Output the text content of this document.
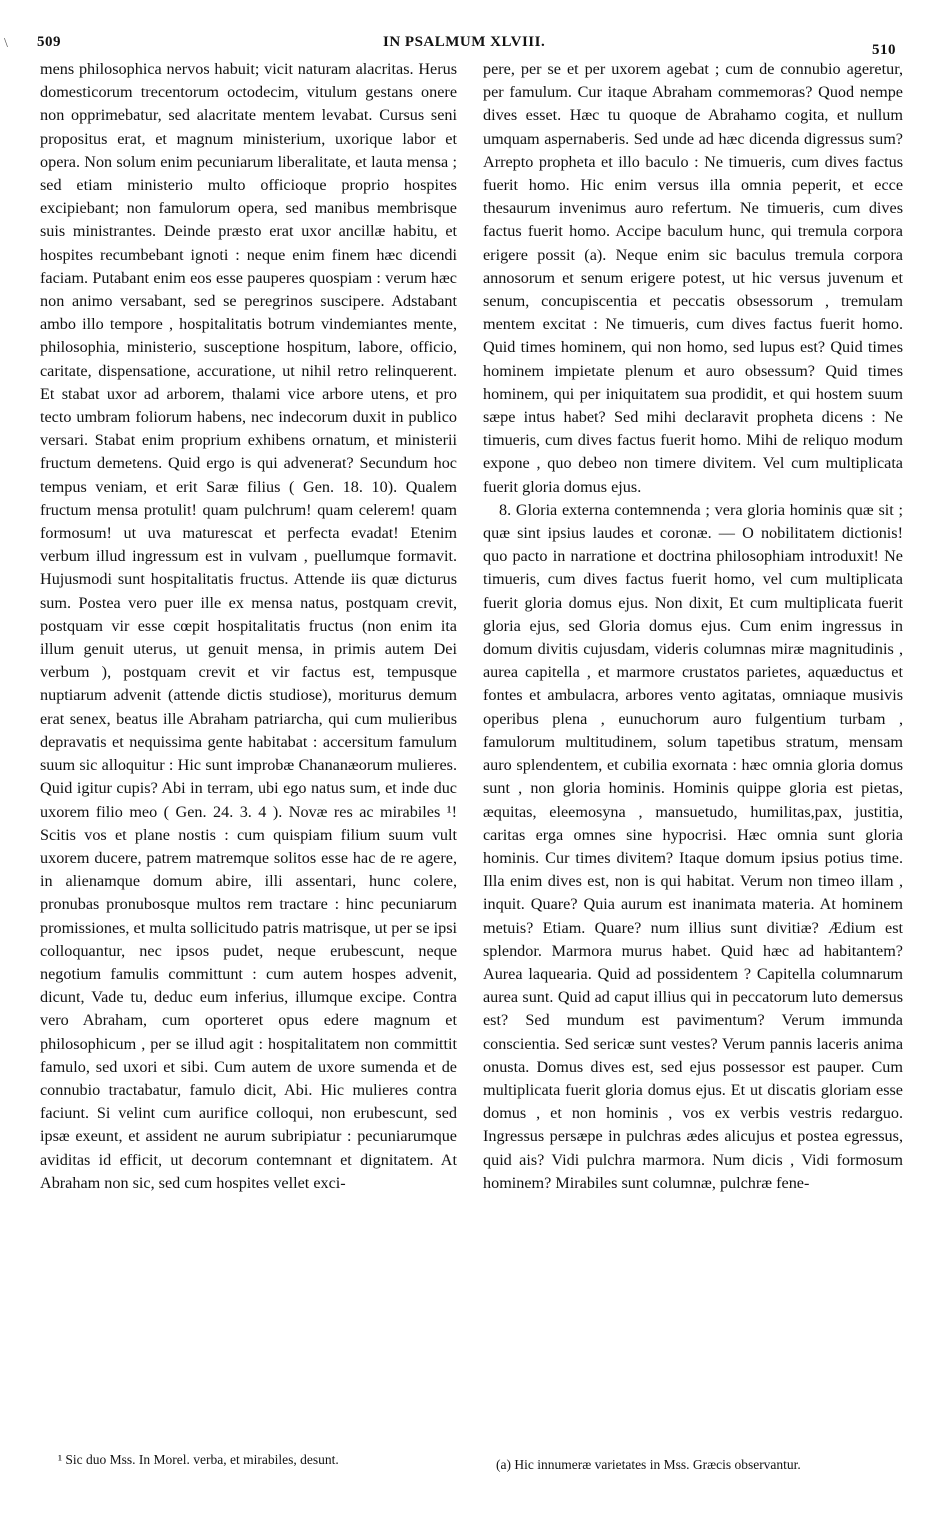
\ 509	IN PSALMUM XLVIII.	510

mens philosophica nervos habuit; vicit naturam alacritas. Herus domesticorum trecentorum octodecim, vitulum gestans onere non opprimebatur, sed alacritate mentem levabat. Cursus seni propositus erat, et magnum ministerium, uxorique labor et opera. Non solum enim pecuniarum liberalitate, et lauta mensa ; sed etiam ministerio multo officioque proprio hospites excipiebant; non famulorum opera, sed manibus membrisque suis ministrantes. Deinde præsto erat uxor ancillæ habitu, et hospites recumbebant ignoti : neque enim finem hæc dicendi faciam. Putabant enim eos esse pauperes quospiam : verum hæc non animo versabant, sed se peregrinos suscipere. Adstabant ambo illo tempore , hospitalitatis botrum vindemiantes mente, philosophia, ministerio, susceptione hospitum, labore, officio, caritate, dispensatione, accuratione, ut nihil retro relinquerent. Et stabat uxor ad arborem, thalami vice arbore utens, et pro tecto umbram foliorum habens, nec indecorum duxit in publico versari. Stabat enim proprium exhibens ornatum, et ministerii fructum demetens. Quid ergo is qui advenerat? Secundum hoc tempus veniam, et erit Saræ filius ( Gen. 18. 10). Qualem fructum mensa protulit! quam pulchrum! quam celerem! quam formosum! ut uva maturescat et perfecta evadat! Etenim verbum illud ingressum est in vulvam , puellumque formavit. Hujusmodi sunt hospitalitatis fructus. Attende iis quæ dicturus sum. Postea vero puer ille ex mensa natus, postquam crevit, postquam vir esse cœpit hospitalitatis fructus (non enim ita illum genuit uterus, ut genuit mensa, in primis autem Dei verbum ), postquam crevit et vir factus est, tempusque nuptiarum advenit (attende dictis studiose), moriturus demum erat senex, beatus ille Abraham patriarcha, qui cum mulieribus depravatis et nequissima gente habitabat : accersitum famulum suum sic alloquitur : Hic sunt improbæ Chananæorum mulieres. Quid igitur cupis? Abi in terram, ubi ego natus sum, et inde duc uxorem filio meo ( Gen. 24. 3. 4 ). Novæ res ac mirabiles ¹! Scitis vos et plane nostis : cum quispiam filium suum vult uxorem ducere, patrem matremque solitos esse hac de re agere, in alienamque domum abire, illi assentari, hunc colere, pronubas pronubosque multos rem tractare : hinc pecuniarum promissiones, et multa sollicitudo patris matrisque, ut per se ipsi colloquantur, nec ipsos pudet, neque erubescunt, neque negotium famulis committunt : cum autem hospes advenit, dicunt, Vade tu, deduc eum inferius, illumque excipe. Contra vero Abraham, cum oporteret opus edere magnum et philosophicum , per se illud agit : hospitalitatem non committit famulo, sed uxori et sibi. Cum autem de uxore sumenda et de connubio tractabatur, famulo dicit, Abi. Hic mulieres contra faciunt. Si velint cum aurifice colloqui, non erubescunt, sed ipsæ exeunt, et assident ne aurum subripiatur : pecuniarumque aviditas id efficit, ut decorum contemnant et dignitatem. At Abraham non sic, sed cum hospites vellet exci-

pere, per se et per uxorem agebat ; cum de connubio ageretur, per famulum. Cur itaque Abraham commemoras? Quod nempe dives esset. Hæc tu quoque de Abrahamo cogita, et nullum umquam aspernaberis. Sed unde ad hæc dicenda digressus sum? Arrepto propheta et illo baculo : Ne timueris, cum dives factus fuerit homo. Hic enim versus illa omnia peperit, et ecce thesaurum invenimus auro refertum. Ne timueris, cum dives factus fuerit homo. Accipe baculum hunc, qui tremula corpora erigere possit (a). Neque enim sic baculus tremula corpora annosorum et senum erigere potest, ut hic versus juvenum et senum, concupiscentia et peccatis obsessorum , tremulam mentem excitat : Ne timueris, cum dives factus fuerit homo. Quid times hominem, qui non homo, sed lupus est? Quid times hominem impietate plenum et auro obsessum? Quid times hominem, qui per iniquitatem sua prodidit, et qui hostem suum sæpe intus habet? Sed mihi declaravit propheta dicens : Ne timueris, cum dives factus fuerit homo. Mihi de reliquo modum expone , quo debeo non timere divitem. Vel cum multiplicata fuerit gloria domus ejus.

8. Gloria externa contemnenda ; vera gloria hominis quæ sit ; quæ sint ipsius laudes et coronæ. — O nobilitatem dictionis! quo pacto in narratione et doctrina philosophiam introduxit! Ne timueris, cum dives factus fuerit homo, vel cum multiplicata fuerit gloria domus ejus. Non dixit, Et cum multiplicata fuerit gloria ejus, sed Gloria domus ejus. Cum enim ingressus in domum divitis cujusdam, videris columnas miræ magnitudinis , aurea capitella , et marmore crustatos parietes, aquæductus et fontes et ambulacra, arbores vento agitatas, omniaque musivis operibus plena , eunuchorum auro fulgentium turbam , famulorum multitudinem, solum tapetibus stratum, mensam auro splendentem, et cubilia exornata : hæc omnia gloria domus sunt , non gloria hominis. Hominis quippe gloria est pietas, æquitas, eleemosyna , mansuetudo, humilitas,pax, justitia, caritas erga omnes sine hypocrisi. Hæc omnia sunt gloria hominis. Cur times divitem? Itaque domum ipsius potius time. Illa enim dives est, non is qui habitat. Verum non timeo illam , inquit. Quare? Quia aurum est inanimata materia. At hominem metuis? Etiam. Quare? num illius sunt divitiæ? Ædium est splendor. Marmora murus habet. Quid hæc ad habitantem? Aurea laquearia. Quid ad possidentem ? Capitella columnarum aurea sunt. Quid ad caput illius qui in peccatorum luto demersus est? Sed mundum est pavimentum? Verum immunda conscientia. Sed sericæ sunt vestes? Verum pannis laceris anima onusta. Domus dives est, sed ejus possessor est pauper. Cum multiplicata fuerit gloria domus ejus. Et ut discatis gloriam esse domus , et non hominis , vos ex verbis vestris redarguo. Ingressus persæpe in pulchras ædes alicujus et postea egressus, quid ais? Vidi pulchra marmora. Num dicis , Vidi formosum hominem? Mirabiles sunt columnæ, pulchræ fene-

¹ Sic duo Mss. In Morel. verba, et mirabiles, desunt.	(a) Hic innumeræ varietates in Mss. Græcis observantur.
